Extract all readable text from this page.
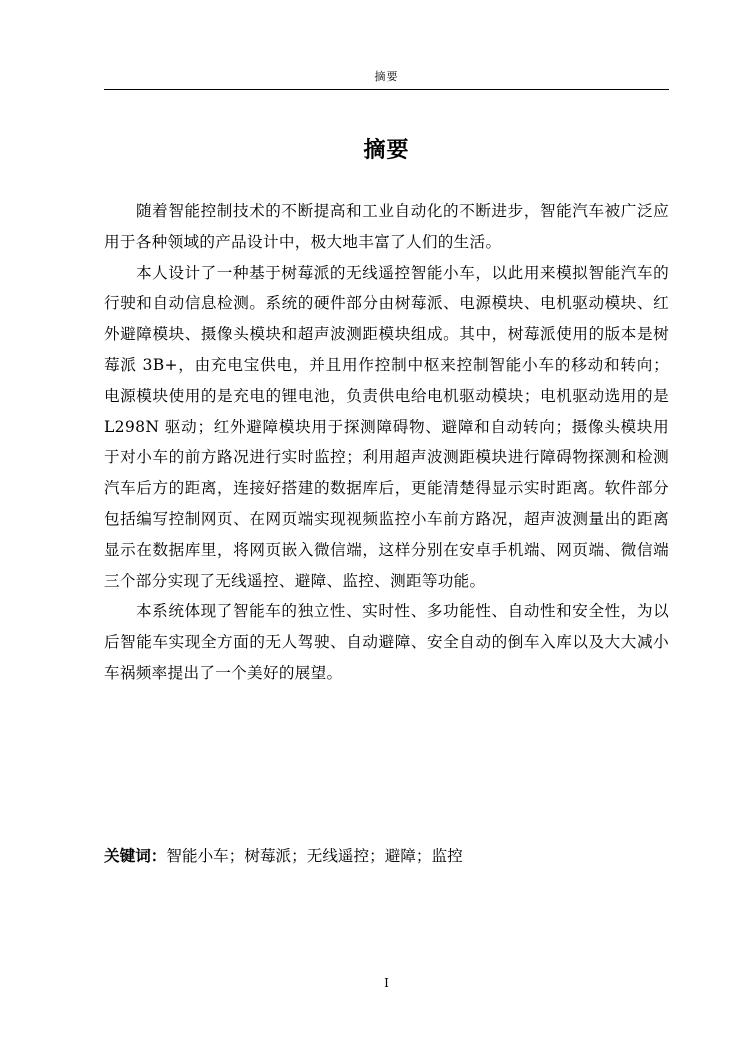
摘要
摘要

随着智能控制技术的不断提高和工业自动化的不断进步，智能汽车被广泛应用于各种领域的产品设计中，极大地丰富了人们的生活。

本人设计了一种基于树莓派的无线遥控智能小车，以此用来模拟智能汽车的行驶和自动信息检测。系统的硬件部分由树莓派、电源模块、电机驱动模块、红外避障模块、摄像头模块和超声波测距模块组成。其中，树莓派使用的版本是树莓派 3B+，由充电宝供电，并且用作控制中枢来控制智能小车的移动和转向；电源模块使用的是充电的锂电池，负责供电给电机驱动模块；电机驱动选用的是 L298N 驱动；红外避障模块用于探测障碍物、避障和自动转向；摄像头模块用于对小车的前方路况进行实时监控；利用超声波测距模块进行障碍物探测和检测汽车后方的距离，连接好搭建的数据库后，更能清楚得显示实时距离。软件部分包括编写控制网页、在网页端实现视频监控小车前方路况，超声波测量出的距离显示在数据库里，将网页嵌入微信端，这样分别在安卓手机端、网页端、微信端三个部分实现了无线遥控、避障、监控、测距等功能。

本系统体现了智能车的独立性、实时性、多功能性、自动性和安全性，为以后智能车实现全方面的无人驾驶、自动避障、安全自动的倒车入库以及大大减小车祸频率提出了一个美好的展望。

关键词：智能小车；树莓派；无线遥控；避障；监控
I
